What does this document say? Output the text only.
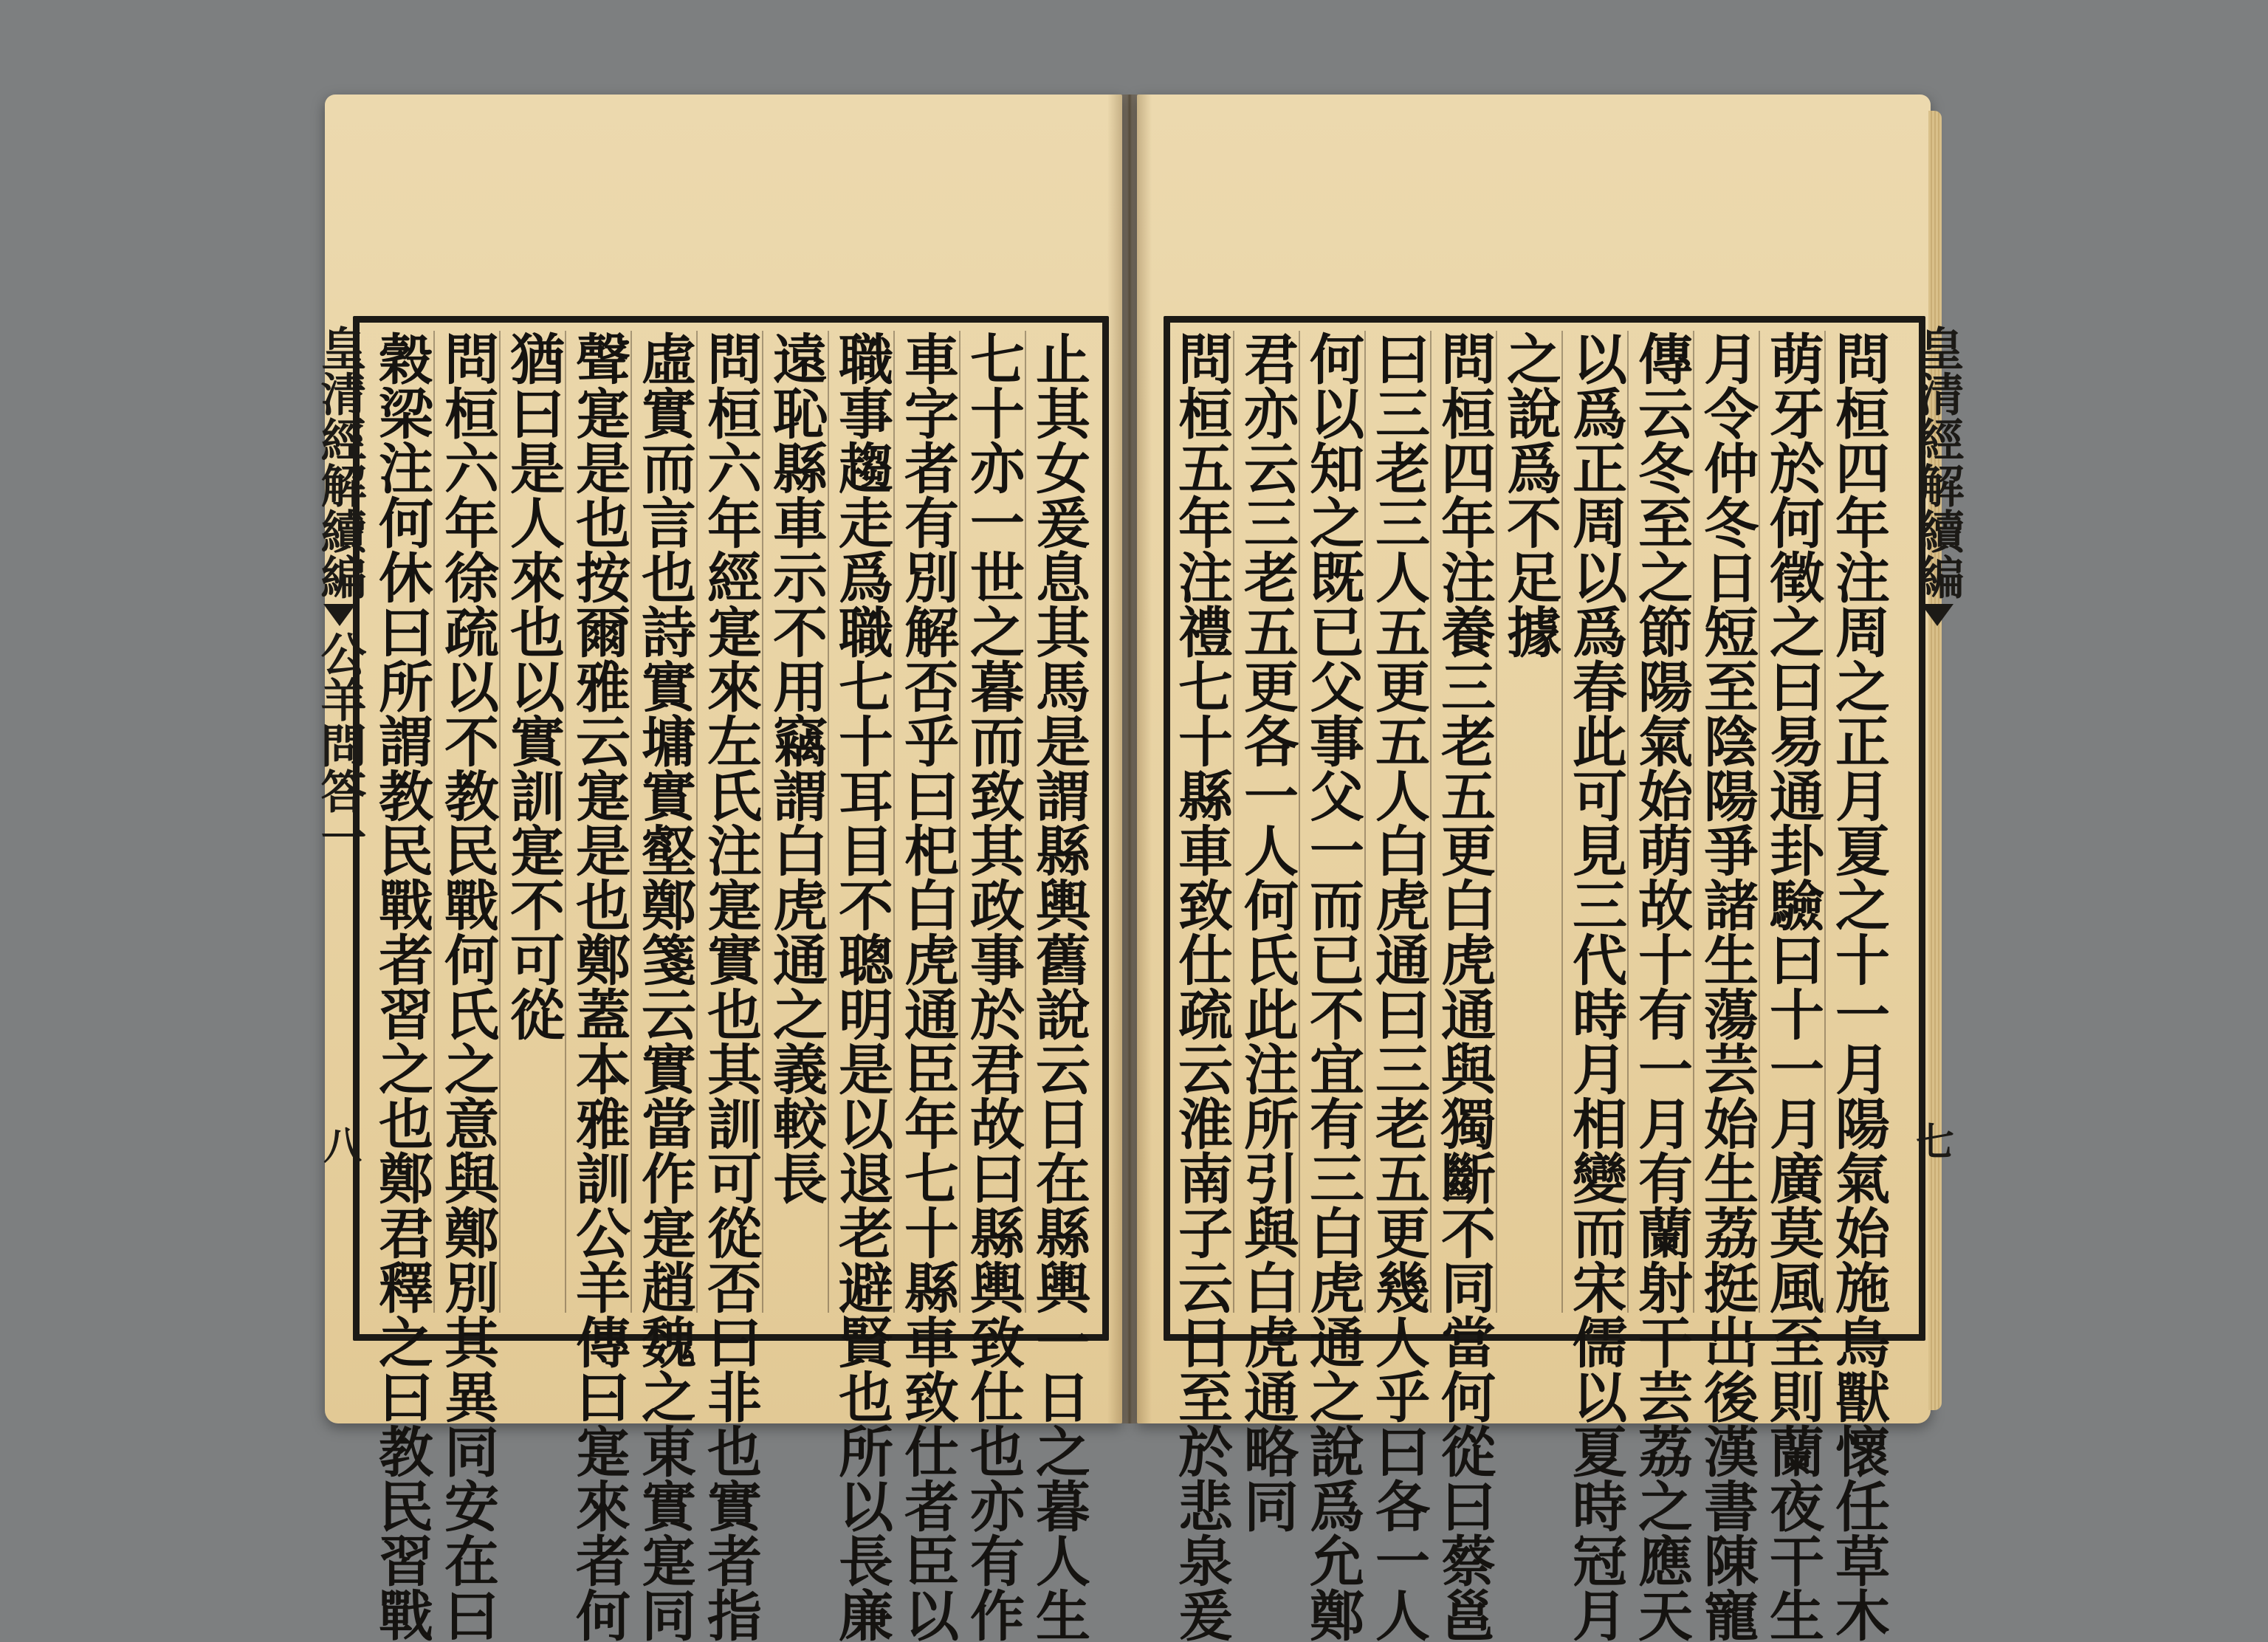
止其女爰息其馬是謂縣輿舊說云日在縣輿一日之暮人生
七十亦一世之暮而致其政事於君故曰縣輿致仕也亦有作
車字者有別解否乎曰𣏌白虎通臣年七十縣車致仕者臣以
職事趨走爲職七十耳目不聰明是以退老避賢也所以長廉
遠恥縣車示不用竊謂白虎通之義較長
問桓六年經寔來左氏注寔實也其訓可從否曰非也實者指
虛實而言也詩實墉實壑鄭箋云實當作寔趙魏之東實寔同
聲寔是也按爾雅云寔是也鄭蓋本雅訓公羊傳曰寔來者何
猶曰是人來也以實訓寔不可從
問桓六年徐疏以不教民戰何氏之意與鄭別其異同安在曰
穀梁注何休曰所謂教民戰者習之也鄭君釋之曰教民習戰	問桓四年注周之正月夏之十一月陽氣始施鳥獸懷任草木
萌牙於何徵之曰易通卦驗曰十一月廣莫風至則蘭夜干生
月令仲冬日短至陰陽爭諸生蕩芸始生荔挺出後漢書陳寵
傳云冬至之節陽氣始萌故十有一月有蘭射干芸荔之應天
以爲正周以爲春此可見三代時月相變而宋儒以夏時冠月
之說爲不足據
問桓四年注養三老五更白虎通與獨斷不同當何從曰蔡邕
曰三老三人五更五人白虎通曰三老五更幾人乎曰各一人
何以知之既已父事父一而已不宜有三白虎通之說爲允鄭
君亦云三老五更各一人何氏此注所引與白虎通略同
問桓五年注禮七十縣車致仕疏云淮南子云日至於悲泉爰
皇清經解續編公羊問答一
八
皇清經解續編
七
